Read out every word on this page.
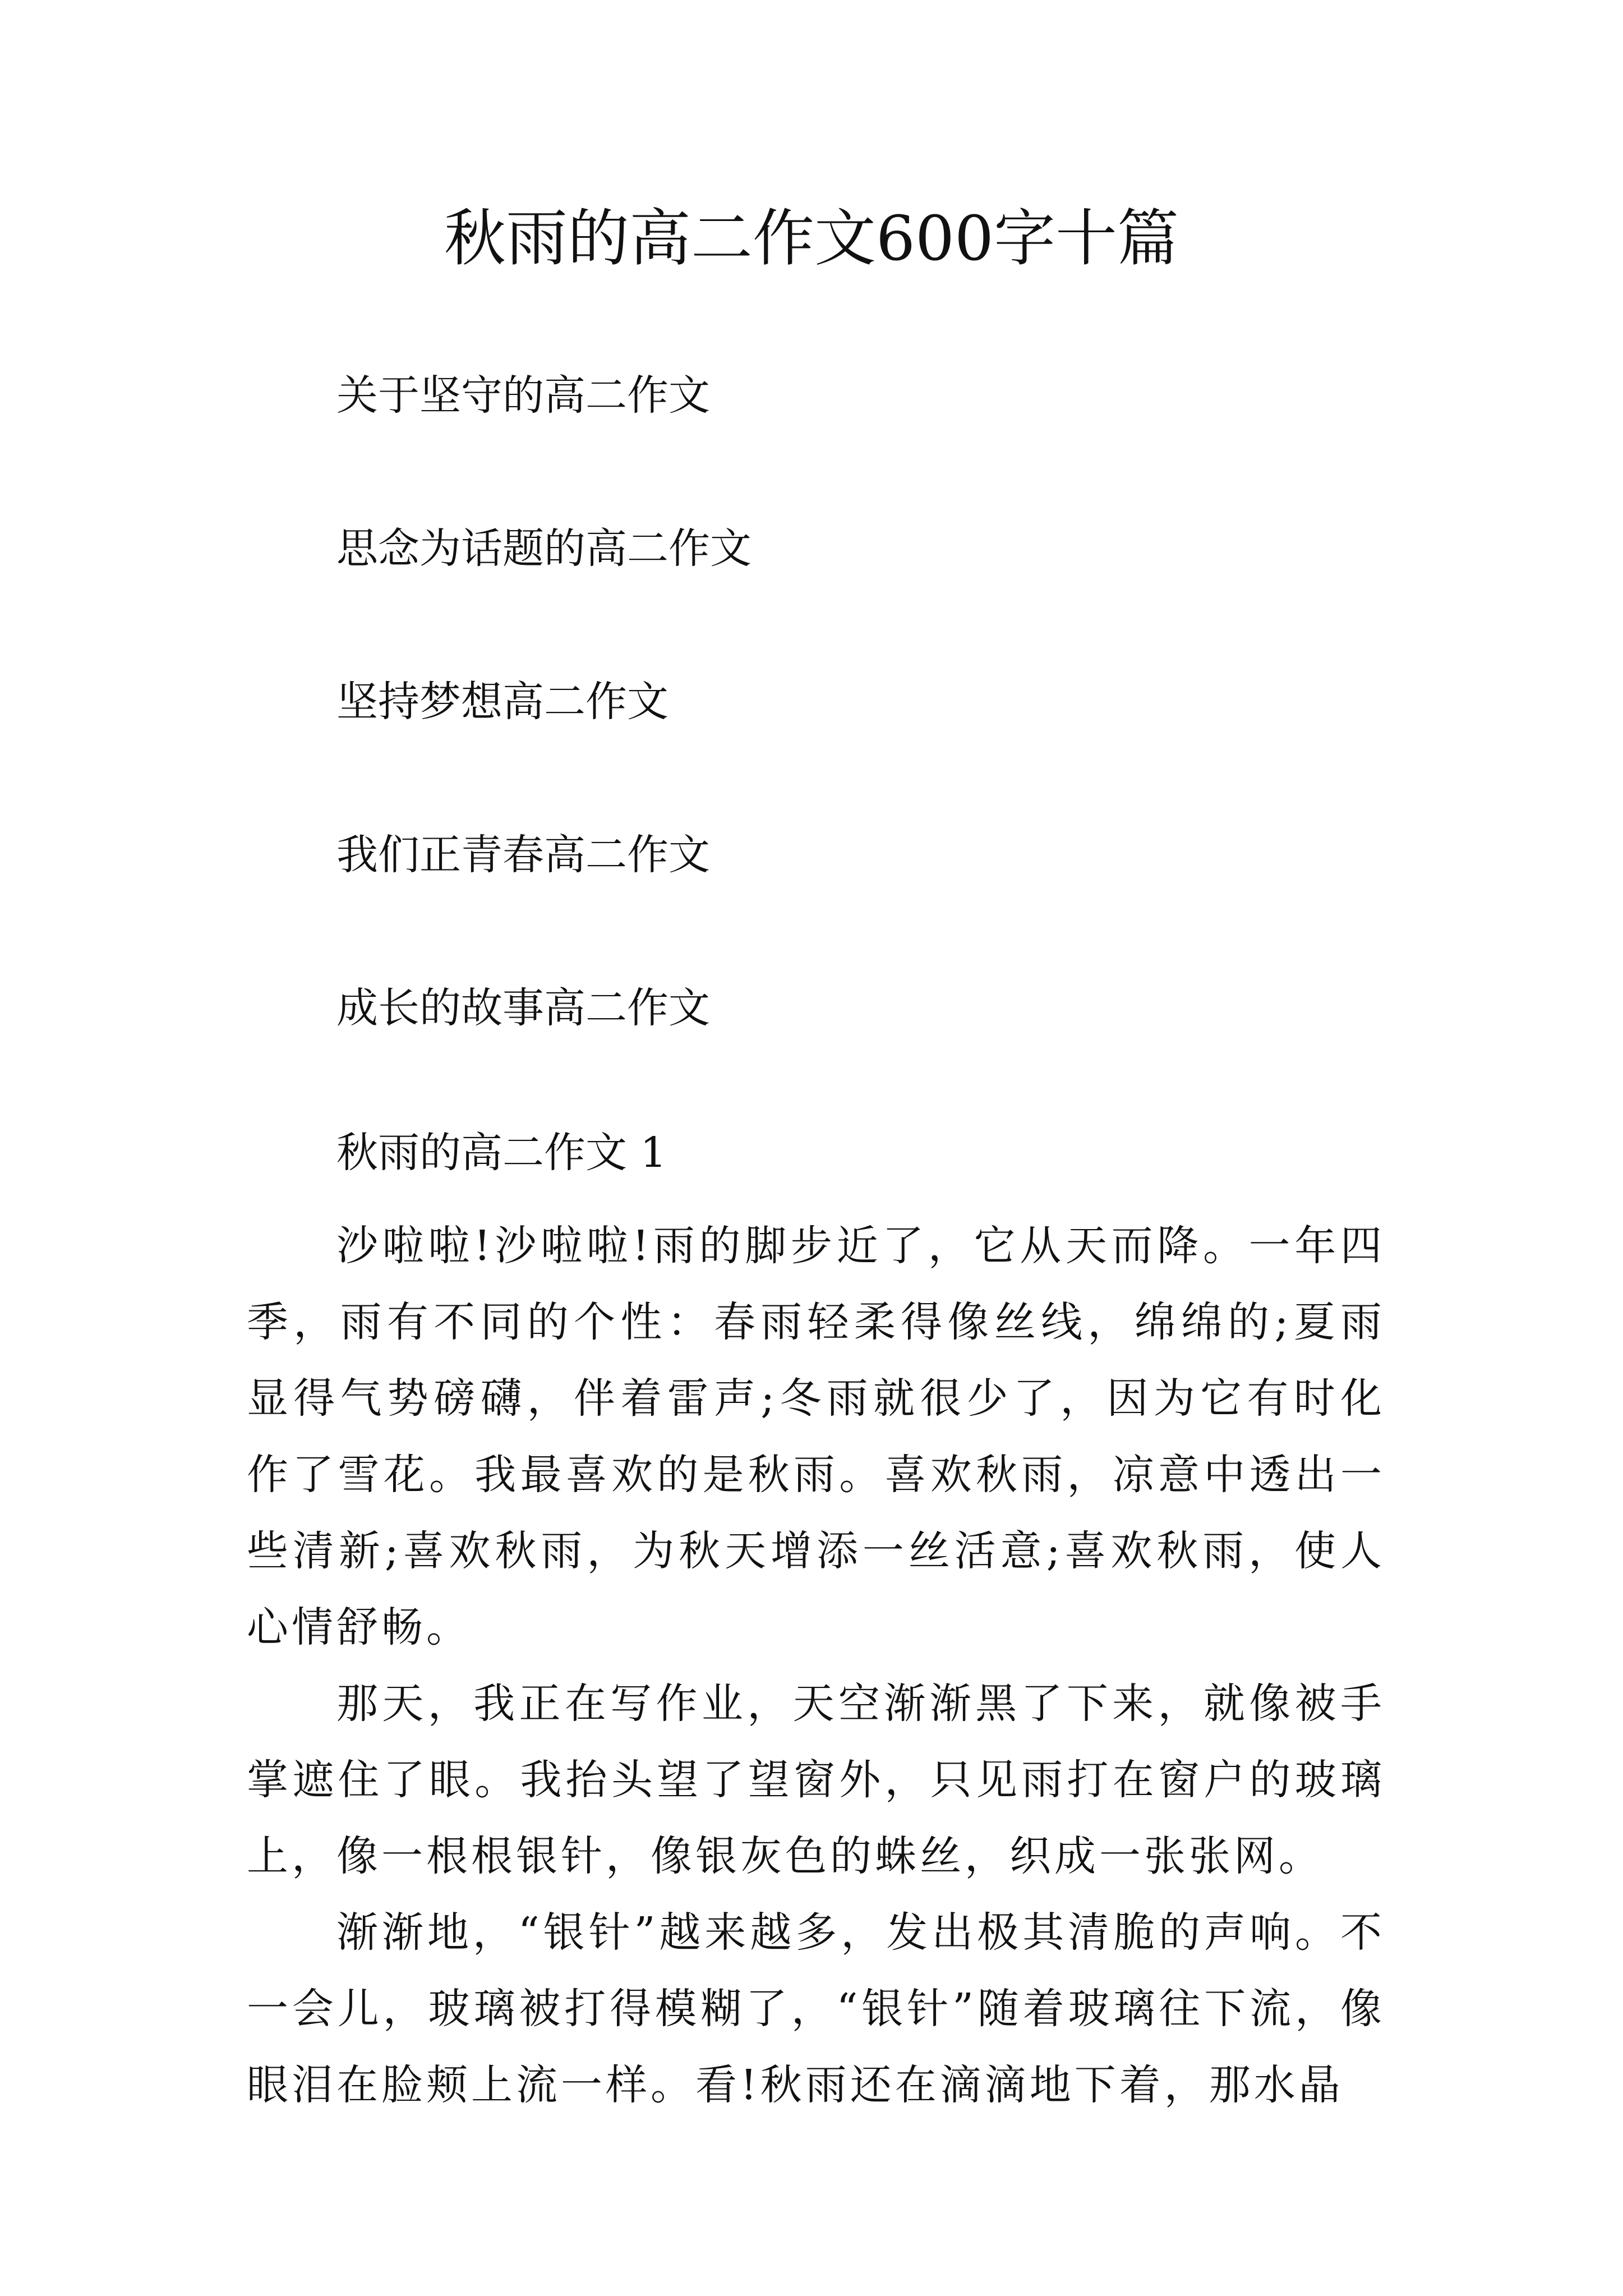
秋雨的高二作文600字十篇
关于坚守的高二作文
思念为话题的高二作文
坚持梦想高二作文
我们正青春高二作文
成长的故事高二作文
秋雨的高二作文 1

沙啦啦!沙啦啦!雨的脚步近了，它从天而降。一年四季，雨有不同的个性：春雨轻柔得像丝线，绵绵的;夏雨显得气势磅礴，伴着雷声;冬雨就很少了，因为它有时化作了雪花。我最喜欢的是秋雨。喜欢秋雨，凉意中透出一些清新;喜欢秋雨，为秋天增添一丝活意;喜欢秋雨，使人心情舒畅。

那天，我正在写作业，天空渐渐黑了下来，就像被手掌遮住了眼。我抬头望了望窗外，只见雨打在窗户的玻璃上，像一根根银针，像银灰色的蛛丝，织成一张张网。

渐渐地，“银针”越来越多，发出极其清脆的声响。不一会儿，玻璃被打得模糊了，“银针”随着玻璃往下流，像眼泪在脸颊上流一样。看!秋雨还在滴滴地下着，那水晶
